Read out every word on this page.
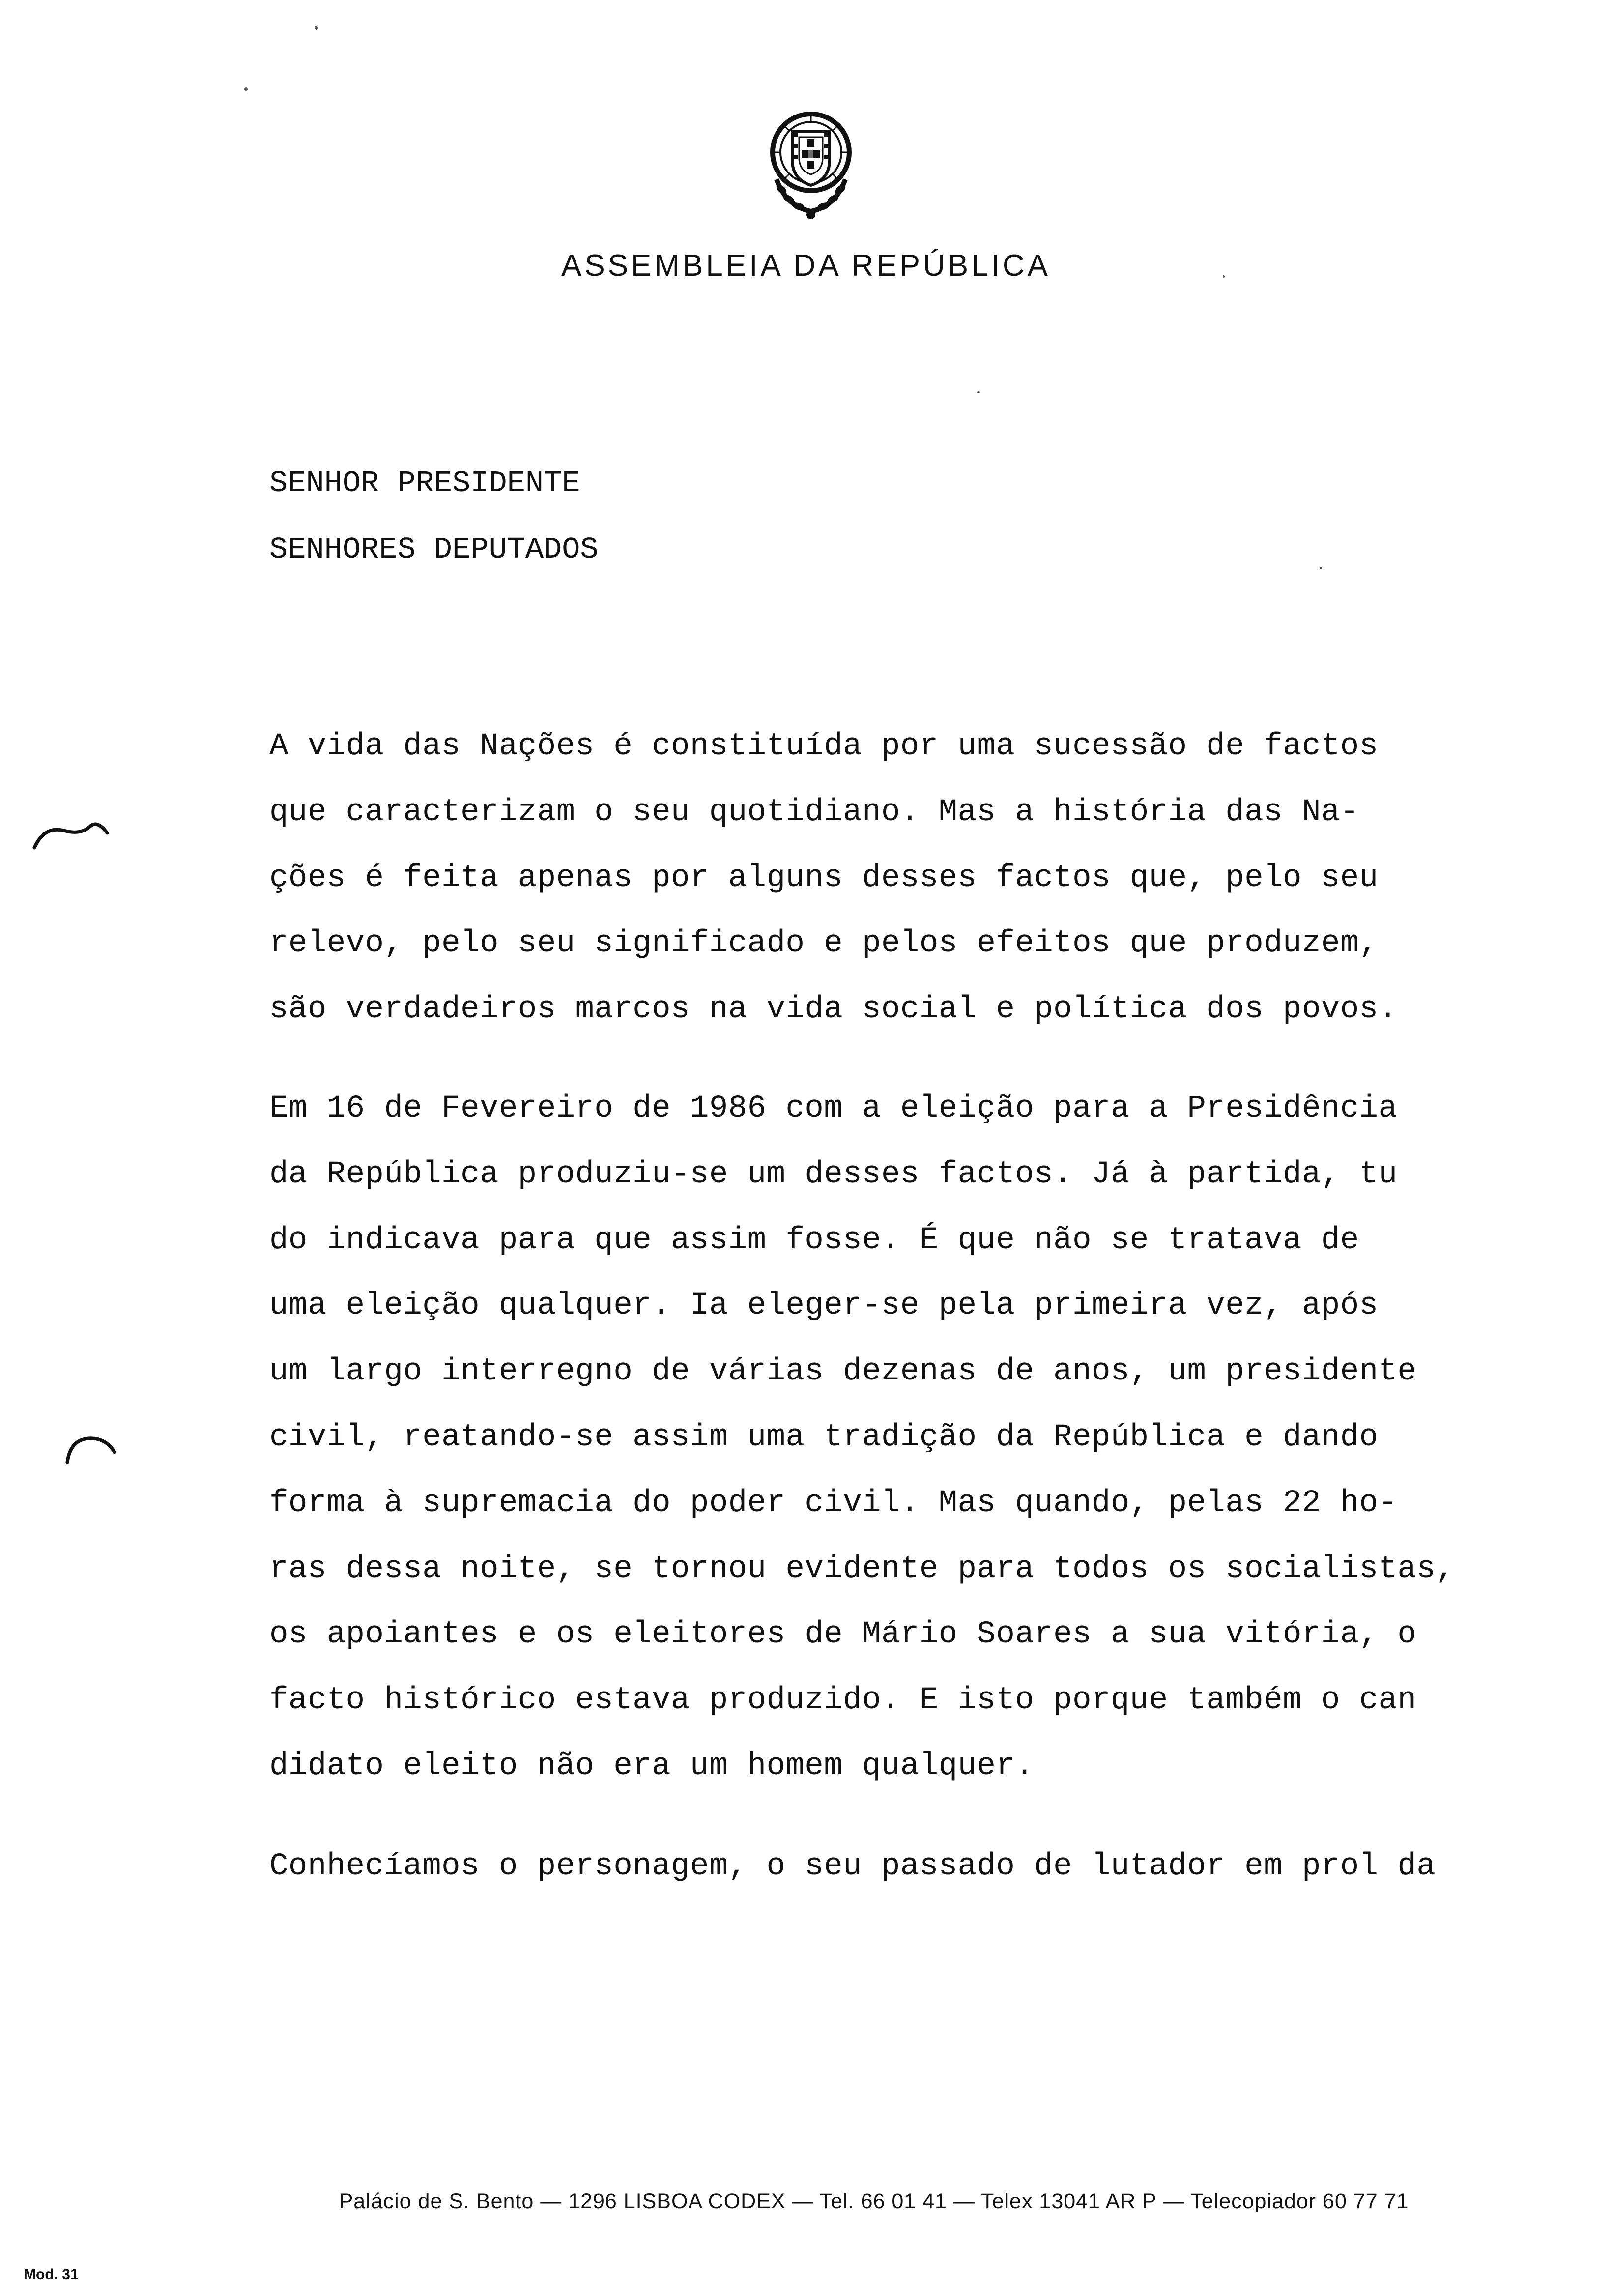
ASSEMBLEIA DA REPÚBLICA
SENHOR PRESIDENTE
SENHORES DEPUTADOS
A vida das Nações é constituída por uma sucessão de factos
que caracterizam o seu quotidiano. Mas a história das Na-
ções é feita apenas por alguns desses factos que, pelo seu
relevo, pelo seu significado e pelos efeitos que produzem,
são verdadeiros marcos na vida social e política dos povos.
Em 16 de Fevereiro de 1986 com a eleição para a Presidência
da República produziu-se um desses factos. Já à partida, tu
do indicava para que assim fosse. É que não se tratava de
uma eleição qualquer. Ia eleger-se pela primeira vez, após
um largo interregno de várias dezenas de anos, um presidente
civil, reatando-se assim uma tradição da República e dando
forma à supremacia do poder civil. Mas quando, pelas 22 ho-
ras dessa noite, se tornou evidente para todos os socialistas,
os apoiantes e os eleitores de Mário Soares a sua vitória, o
facto histórico estava produzido. E isto porque também o can
didato eleito não era um homem qualquer.
Conhecíamos o personagem, o seu passado de lutador em prol da
Palácio de S. Bento — 1296 LISBOA CODEX — Tel. 66 01 41 — Telex 13041 AR P — Telecopiador 60 77 71
Mod. 31
